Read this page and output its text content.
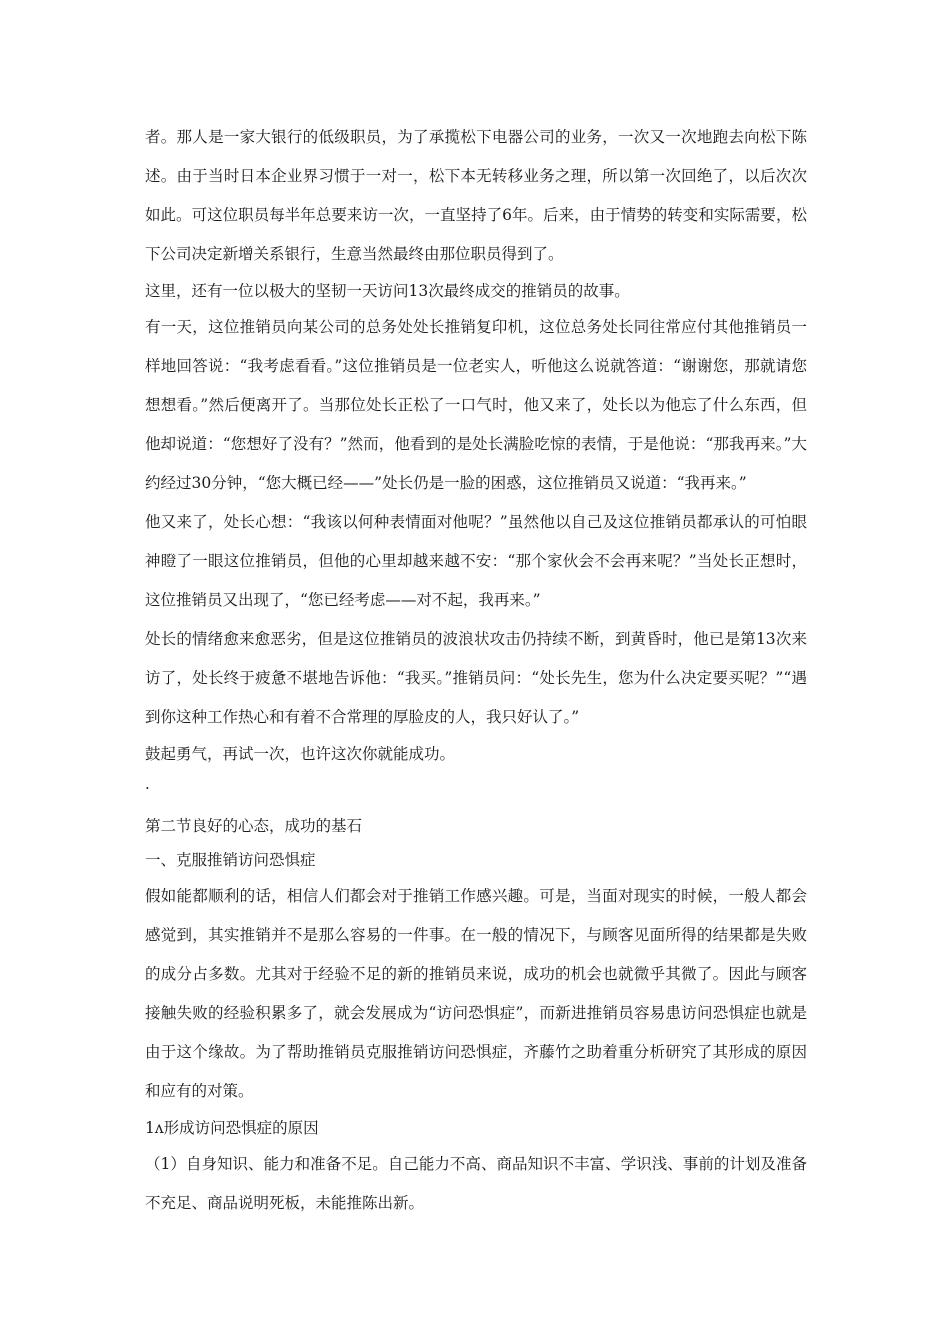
者。那人是一家大银行的低级职员，为了承揽松下电器公司的业务，一次又一次地跑去向松下陈述。由于当时日本企业界习惯于一对一，松下本无转移业务之理，所以第一次回绝了，以后次次如此。可这位职员每半年总要来访一次，一直坚持了6年。后来，由于情势的转变和实际需要，松下公司决定新增关系银行，生意当然最终由那位职员得到了。

这里，还有一位以极大的坚韧一天访问13次最终成交的推销员的故事。

有一天，这位推销员向某公司的总务处处长推销复印机，这位总务处长同往常应付其他推销员一样地回答说：“我考虑看看。”这位推销员是一位老实人，听他这么说就答道：“谢谢您，那就请您想想看。”然后便离开了。当那位处长正松了一口气时，他又来了，处长以为他忘了什么东西，但他却说道：“您想好了没有？”然而，他看到的是处长满脸吃惊的表情，于是他说：“那我再来。”大约经过30分钟，“您大概已经——”处长仍是一脸的困惑，这位推销员又说道：“我再来。”

他又来了，处长心想：“我该以何种表情面对他呢？”虽然他以自己及这位推销员都承认的可怕眼神瞪了一眼这位推销员，但他的心里却越来越不安：“那个家伙会不会再来呢？”当处长正想时，这位推销员又出现了，“您已经考虑——对不起，我再来。”

处长的情绪愈来愈恶劣，但是这位推销员的波浪状攻击仍持续不断，到黄昏时，他已是第13次来访了，处长终于疲惫不堪地告诉他：“我买。”推销员问：“处长先生，您为什么决定要买呢？”“遇到你这种工作热心和有着不合常理的厚脸皮的人，我只好认了。”

鼓起勇气，再试一次，也许这次你就能成功。

·

第二节良好的心态，成功的基石

一、克服推销访问恐惧症

假如能都顺利的话，相信人们都会对于推销工作感兴趣。可是，当面对现实的时候，一般人都会感觉到，其实推销并不是那么容易的一件事。在一般的情况下，与顾客见面所得的结果都是失败的成分占多数。尤其对于经验不足的新的推销员来说，成功的机会也就微乎其微了。因此与顾客接触失败的经验积累多了，就会发展成为“访问恐惧症”，而新进推销员容易患访问恐惧症也就是由于这个缘故。为了帮助推销员克服推销访问恐惧症，齐藤竹之助着重分析研究了其形成的原因和应有的对策。

1ʌ形成访问恐惧症的原因

（1）自身知识、能力和准备不足。自己能力不高、商品知识不丰富、学识浅、事前的计划及准备不充足、商品说明死板，未能推陈出新。
